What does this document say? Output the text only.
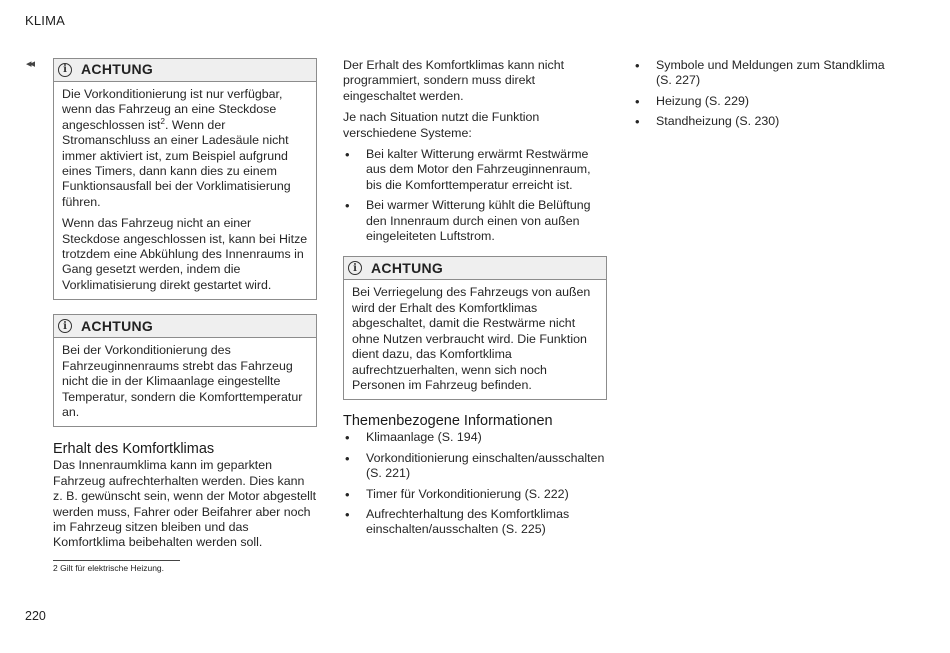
KLIMA
◂◂	i	ACHTUNG

Die Vorkonditionierung ist nur verfügbar, wenn das Fahrzeug an eine Steckdose angeschlossen ist$^2$. Wenn der Stromanschluss an einer Ladesäule nicht immer aktiviert ist, zum Beispiel aufgrund eines Timers, dann kann dies zu einem Funktionsausfall bei der Vorklimatisierung führen.

Wenn das Fahrzeug nicht an einer Steckdose angeschlossen ist, kann bei Hitze trotzdem eine Abkühlung des Innenraums in Gang gesetzt werden, indem die Vorklimatisierung direkt gestartet wird.

i	ACHTUNG

Bei der Vorkonditionierung des Fahrzeuginnenraums strebt das Fahrzeug nicht die in der Klimaanlage eingestellte Temperatur, sondern die Komforttemperatur an.

Erhalt des Komfortklimas

Das Innenraumklima kann im geparkten Fahrzeug aufrechterhalten werden. Dies kann z. B. gewünscht sein, wenn der Motor abgestellt werden muss, Fahrer oder Beifahrer aber noch im Fahrzeug sitzen bleiben und das Komfortklima beibehalten werden soll.

Der Erhalt des Komfortklimas kann nicht programmiert, sondern muss direkt eingeschaltet werden.

Je nach Situation nutzt die Funktion verschiedene Systeme:

• Bei kalter Witterung erwärmt Restwärme aus dem Motor den Fahrzeuginnenraum, bis die Komforttemperatur erreicht ist.
• Bei warmer Witterung kühlt die Belüftung den Innenraum durch einen von außen eingeleiteten Luftstrom.
i	ACHTUNG

Bei Verriegelung des Fahrzeugs von außen wird der Erhalt des Komfortklimas abgeschaltet, damit die Restwärme nicht ohne Nutzen verbraucht wird. Die Funktion dient dazu, das Komfortklima aufrechtzuerhalten, wenn sich noch Personen im Fahrzeug befinden.

Themenbezogene Informationen
• Klimaanlage (S. 194)
• Vorkonditionierung einschalten/ausschalten (S. 221)
• Timer für Vorkonditionierung (S. 222)
• Aufrechterhaltung des Komfortklimas einschalten/ausschalten (S. 225)
• Symbole und Meldungen zum Standklima (S. 227)
• Heizung (S. 229)
• Standheizung (S. 230)
2 Gilt für elektrische Heizung.
220
